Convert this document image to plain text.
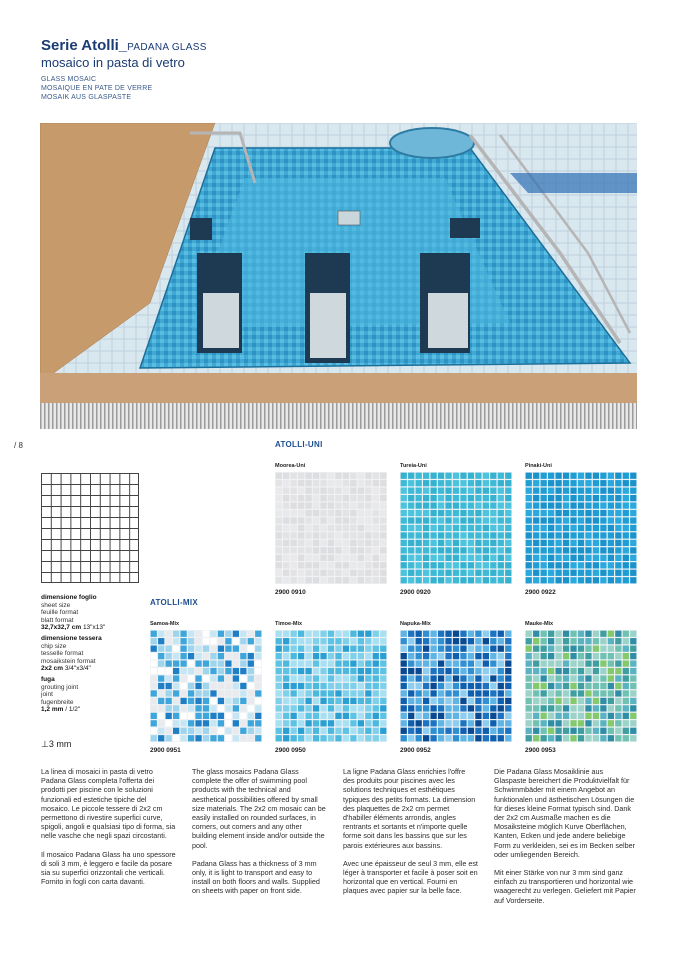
Serie Atolli_PADANA GLASS
mosaico in pasta di vetro
GLASS MOSAIC
MOSAIQUE EN PATE DE VERRE
MOSAIK AUS GLASPASTE
/ 8
dimensione foglio
sheet size
feuille format
blatt format
32,7x32,7 cm 13"x13"
dimensione tessera
chip size
tesselle format
mosaikstein format
2x2 cm 3/4"x3/4"
fuga
grouting joint
joint
fugenbreite
1,2 mm / 1/2"
⊥3 mm
ATOLLI-UNI
Moorea-Uni
2900 0910
Tureia-Uni
2900 0920
Pinaki-Uni
2900 0922
ATOLLI-MIX
Samoa-Mix
2900 0951
Timoe-Mix
2900 0950
Napuka-Mix
2900 0952
Mauke-Mix
2900 0953

La linea di mosaici in pasta di vetro Padana Glass completa l'offerta dei prodotti per piscine con le soluzioni funzionali ed estetiche tipiche del mosaico. Le piccole tessere di 2x2 cm permettono di rivestire superfici curve, spigoli, angoli e qualsiasi tipo di forma, sia nelle vasche che negli spazi circostanti.

Il mosaico Padana Glass ha uno spessore di soli 3 mm, è leggero e facile da posare sia su superfici orizzontali che verticali. Fornito in fogli con carta davanti.

The glass mosaics Padana Glass complete the offer of swimming pool products with the technical and aesthetical possibilities offered by small size materials. The 2x2 cm mosaic can be easily installed on rounded surfaces, in corners, out corners and any other building element inside and/or outside the pool.

Padana Glass has a thickness of 3 mm only, it is light to transport and easy to install on both floors and walls. Supplied on sheets with paper on front side.

La ligne Padana Glass enrichies l'offre des produits pour piscines avec les solutions techniques et esthétiques typiques des petits formats. La dimension des plaquettes de 2x2 cm permet d'habiller éléments arrondis, angles rentrants et sortants et n'importe quelle forme soit dans les bassins que sur les parois extérieures aux bassins.

Avec une épaisseur de seul 3 mm, elle est léger à transporter et facile à poser soit en horizontal que en vertical. Fourni en plaques avec papier sur la belle face.

Die Padana Glass Mosaiklinie aus Glaspaste bereichert die Produktvielfalt für Schwimmbäder mit einem Angebot an funktionalen und ästhetischen Lösungen die für dieses kleine Format typisch sind. Dank der 2x2 cm Ausmaße machen es die Mosaiksteine möglich Kurve Oberflächen, Kanten, Ecken und jede andere beliebige Form zu verkleiden, sei es im Becken selber oder umliegenden Bereich.

Mit einer Stärke von nur 3 mm sind ganz einfach zu transportieren und horizontal wie waagerecht zu verlegen. Geliefert mit Papier auf Vorderseite.
